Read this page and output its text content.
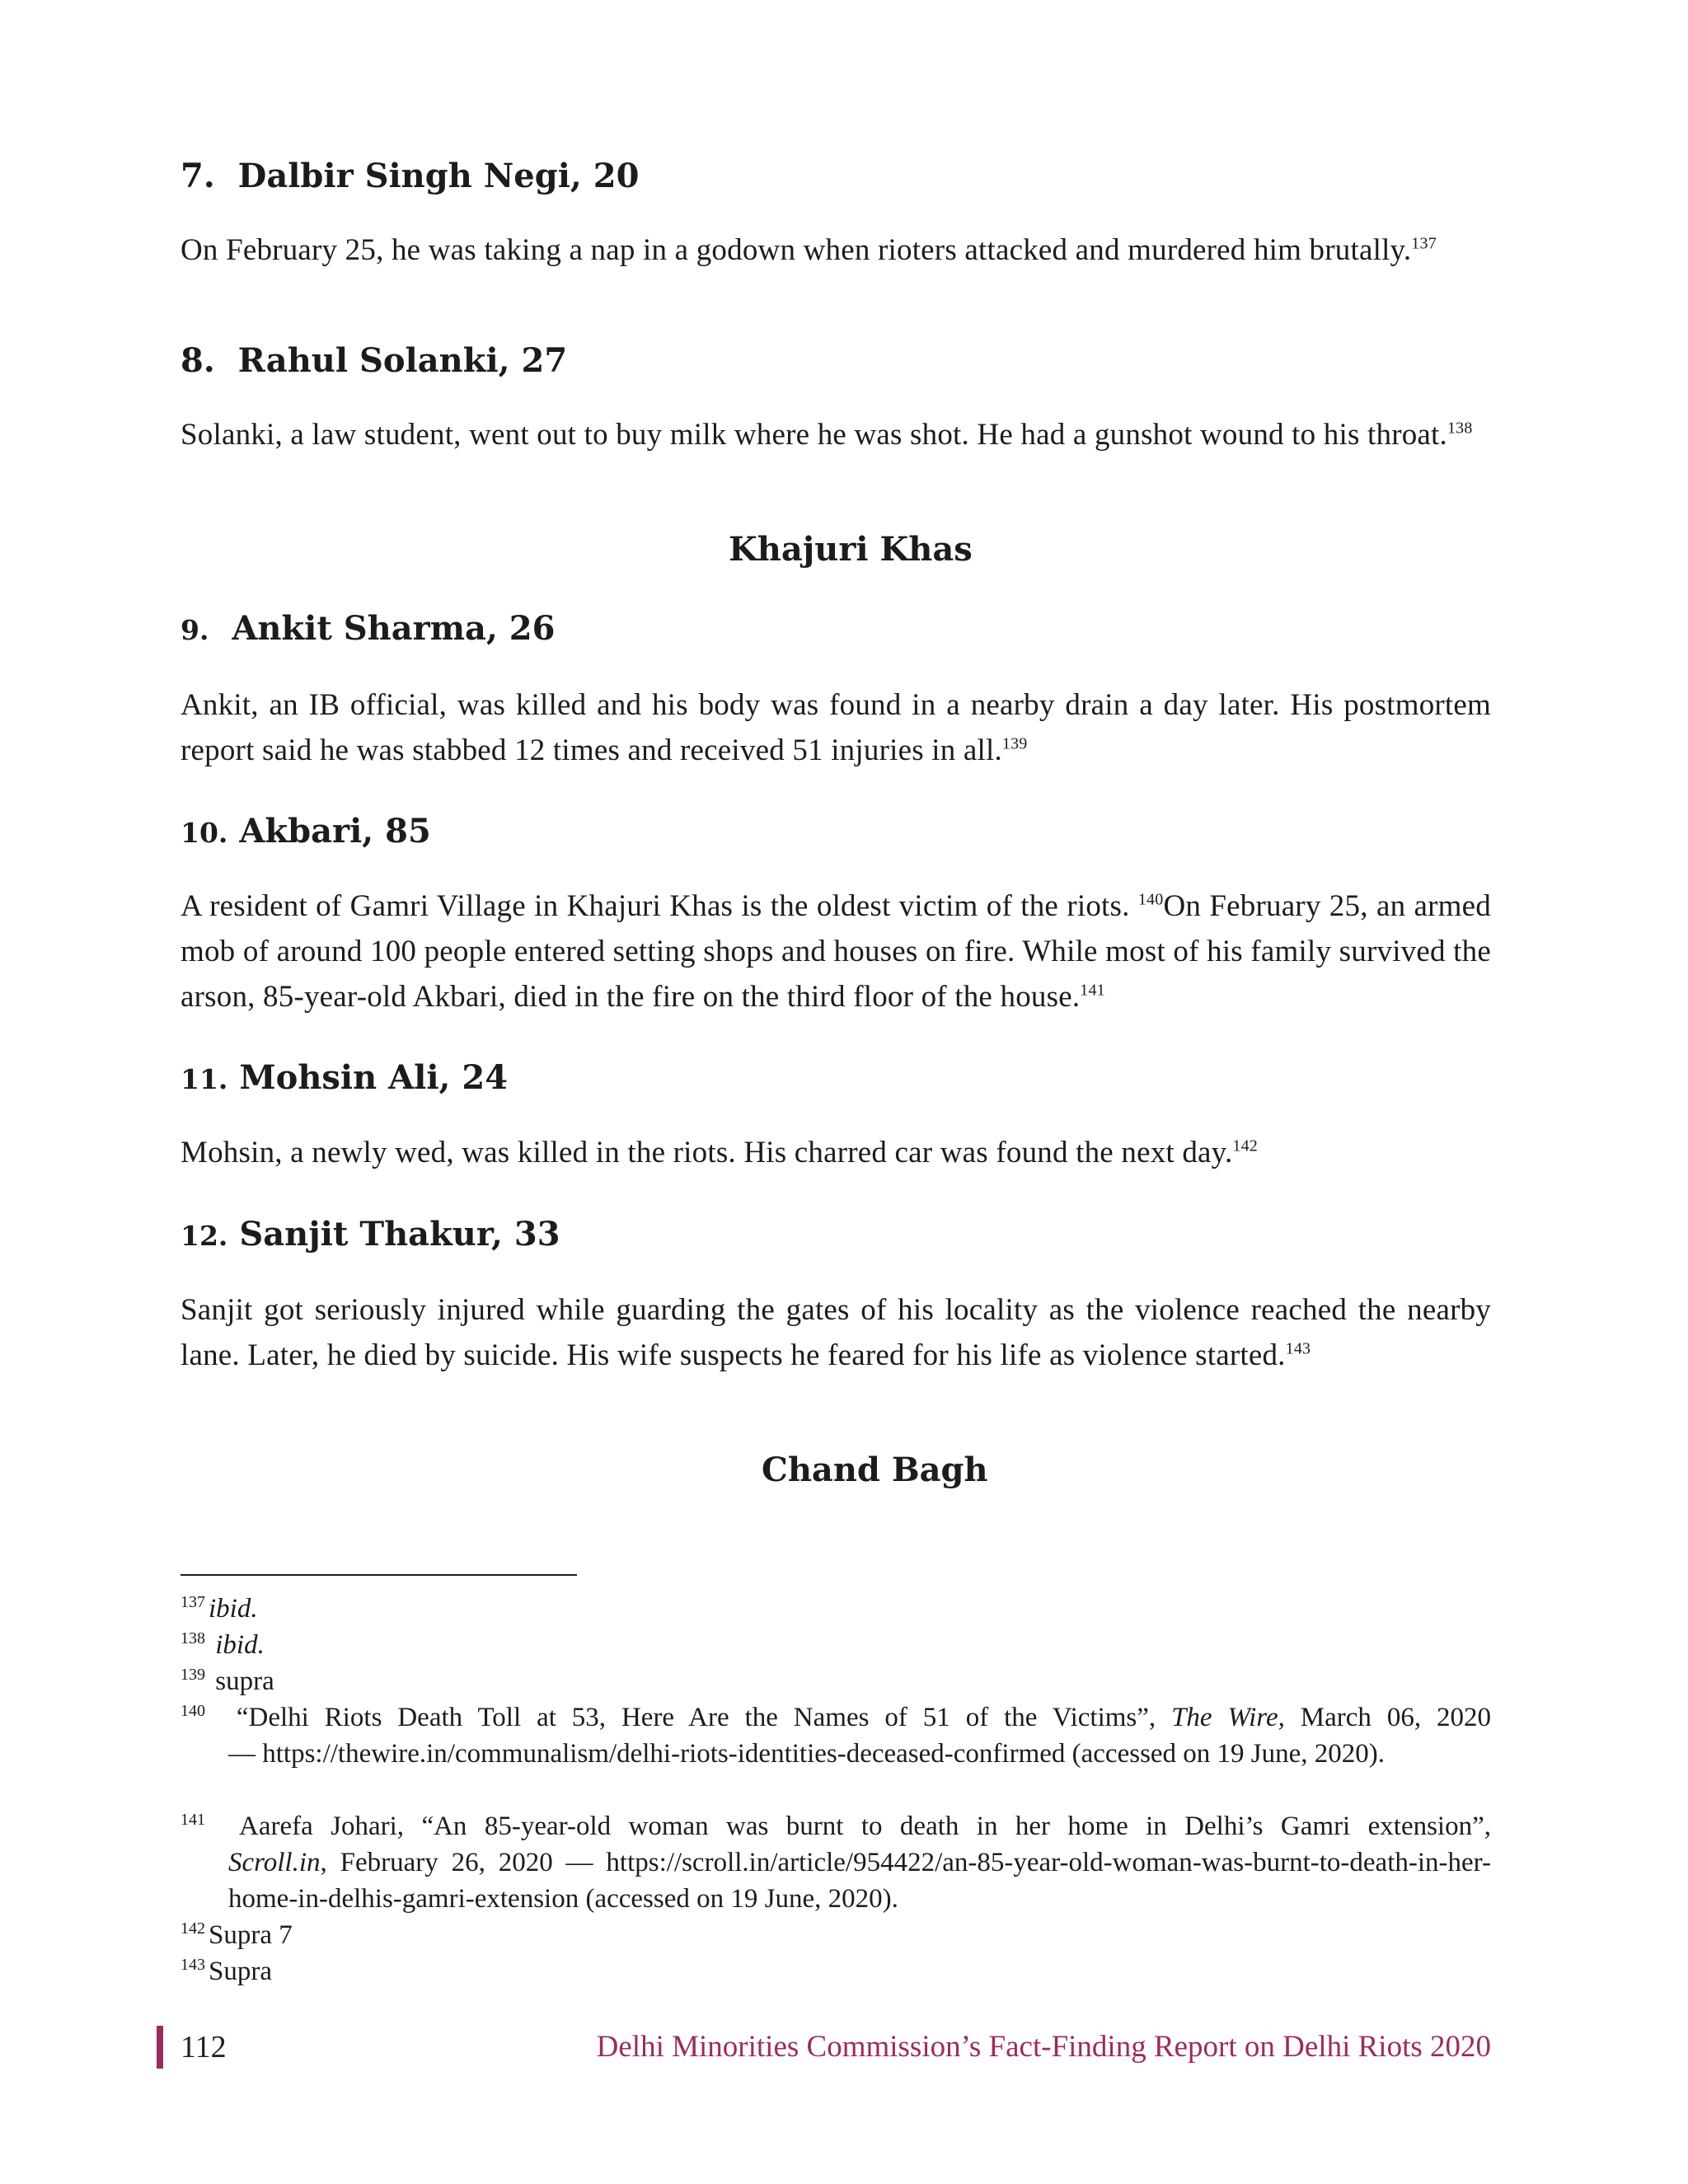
7. Dalbir Singh Negi, 20

On February 25, he was taking a nap in a godown when rioters attacked and murdered him brutally.$^{137}$

8. Rahul Solanki, 27

Solanki, a law student, went out to buy milk where he was shot. He had a gunshot wound to his throat.$^{138}$

Khajuri Khas
9. Ankit Sharma, 26

Ankit, an IB official, was killed and his body was found in a nearby drain a day later. His postmortem report said he was stabbed 12 times and received 51 injuries in all.$^{139}$

10. Akbari, 85

A resident of Gamri Village in Khajuri Khas is the oldest victim of the riots. $^{140}$On February 25, an armed mob of around 100 people entered setting shops and houses on fire. While most of his family survived the arson, 85-year-old Akbari, died in the fire on the third floor of the house.$^{141}$

11. Mohsin Ali, 24

Mohsin, a newly wed, was killed in the riots. His charred car was found the next day.$^{142}$

12. Sanjit Thakur, 33

Sanjit got seriously injured while guarding the gates of his locality as the violence reached the nearby lane. Later, he died by suicide. His wife suspects he feared for his life as violence started.$^{143}$

Chand Bagh
$^{137}$ ibid.
$^{138}$ ibid.
$^{139}$ supra
$^{140}$ “Delhi Riots Death Toll at 53, Here Are the Names of 51 of the Victims”, The Wire, March 06, 2020
— https://thewire.in/communalism/delhi-riots-identities-deceased-confirmed (accessed on 19 June, 2020).
$^{141}$ Aarefa Johari, “An 85-year-old woman was burnt to death in her home in Delhi’s Gamri extension”,
Scroll.in, February 26, 2020 — https://scroll.in/article/954422/an-85-year-old-woman-was-burnt-to-death-in-her-home-in-delhis-gamri-extension (accessed on 19 June, 2020).
$^{142}$ Supra 7
$^{143}$ Supra
112	Delhi Minorities Commission’s Fact-Finding Report on Delhi Riots 2020
